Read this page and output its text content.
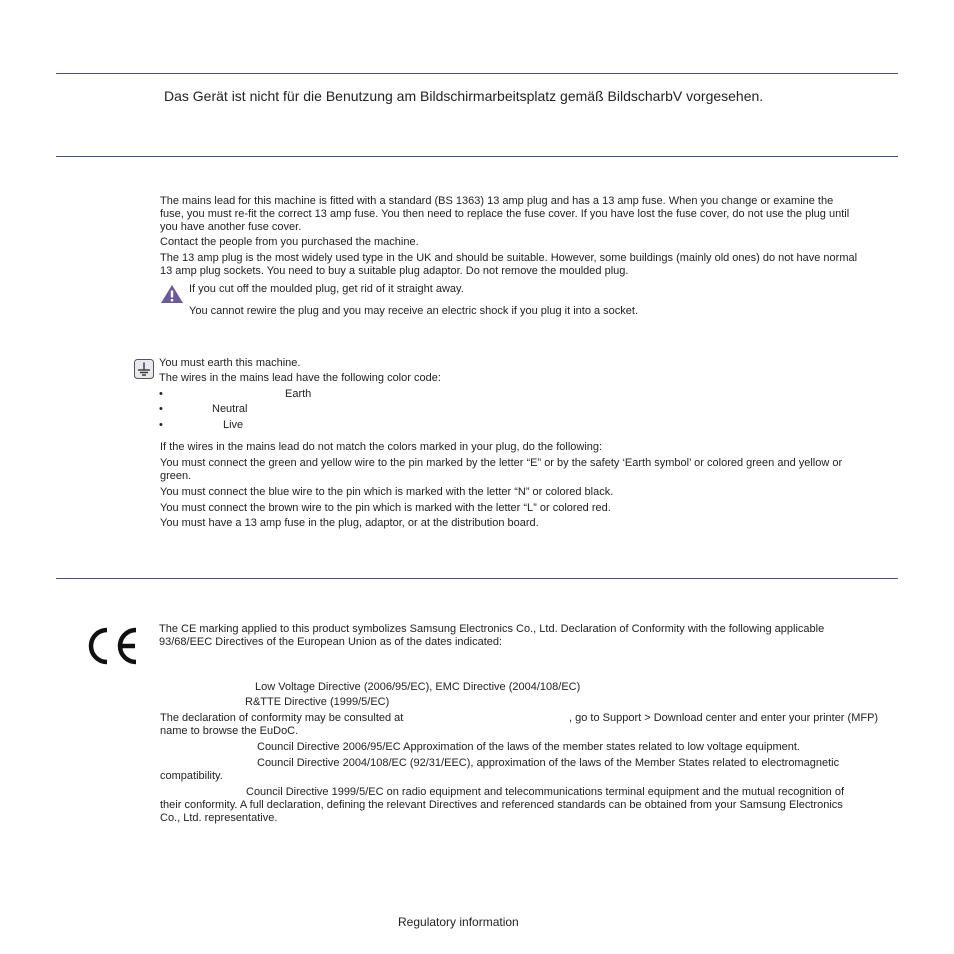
Das Gerät ist nicht für die Benutzung am Bildschirmarbeitsplatz gemäß BildscharbV vorgesehen.
The mains lead for this machine is fitted with a standard (BS 1363) 13 amp plug and has a 13 amp fuse. When you change or examine the
fuse, you must re-fit the correct 13 amp fuse. You then need to replace the fuse cover. If you have lost the fuse cover, do not use the plug until
you have another fuse cover.
Contact the people from you purchased the machine.
The 13 amp plug is the most widely used type in the UK and should be suitable. However, some buildings (mainly old ones) do not have normal
13 amp plug sockets. You need to buy a suitable plug adaptor. Do not remove the moulded plug.
If you cut off the moulded plug, get rid of it straight away.
You cannot rewire the plug and you may receive an electric shock if you plug it into a socket.
You must earth this machine.
The wires in the mains lead have the following color code:
•	Earth
•	Neutral
•	Live
If the wires in the mains lead do not match the colors marked in your plug, do the following:
You must connect the green and yellow wire to the pin marked by the letter “E” or by the safety ‘Earth symbol’ or colored green and yellow or
green.
You must connect the blue wire to the pin which is marked with the letter “N” or colored black.
You must connect the brown wire to the pin which is marked with the letter “L” or colored red.
You must have a 13 amp fuse in the plug, adaptor, or at the distribution board.
The CE marking applied to this product symbolizes Samsung Electronics Co., Ltd. Declaration of Conformity with the following applicable
93/68/EEC Directives of the European Union as of the dates indicated:
Low Voltage Directive (2006/95/EC), EMC Directive (2004/108/EC)
R&TTE Directive (1999/5/EC)
The declaration of conformity may be consulted at	, go to Support > Download center and enter your printer (MFP)
name to browse the EuDoC.
Council Directive 2006/95/EC Approximation of the laws of the member states related to low voltage equipment.
Council Directive 2004/108/EC (92/31/EEC), approximation of the laws of the Member States related to electromagnetic
compatibility.
Council Directive 1999/5/EC on radio equipment and telecommunications terminal equipment and the mutual recognition of
their conformity. A full declaration, defining the relevant Directives and referenced standards can be obtained from your Samsung Electronics
Co., Ltd. representative.
Regulatory information
